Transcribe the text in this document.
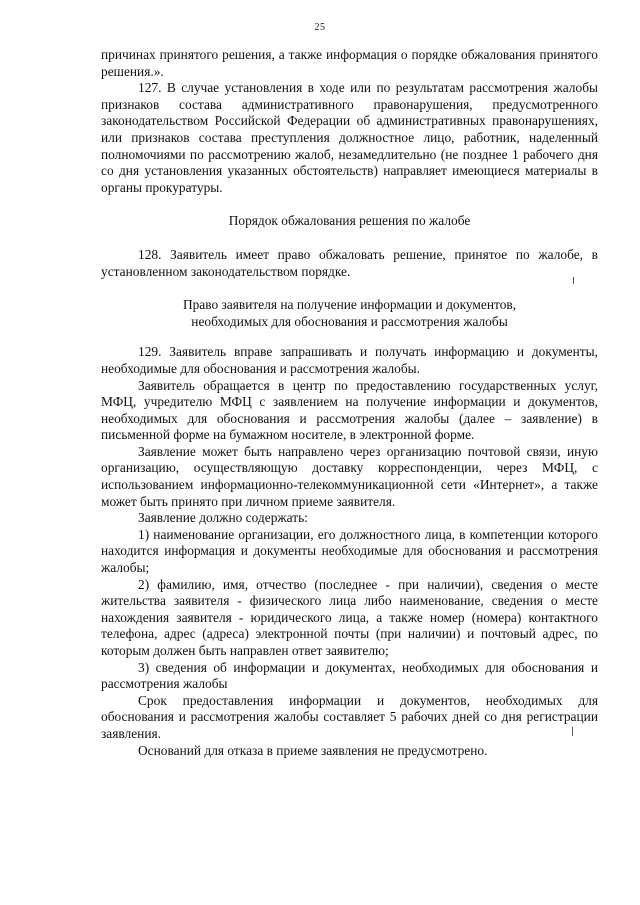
25

причинах принятого решения, а также информация о порядке обжалования принятого решения.».

127. В случае установления в ходе или по результатам рассмотрения жалобы признаков состава административного правонарушения, предусмотренного законодательством Российской Федерации об административных правонарушениях, или признаков состава преступления должностное лицо, работник, наделенный полномочиями по рассмотрению жалоб, незамедлительно (не позднее 1 рабочего дня со дня установления указанных обстоятельств) направляет имеющиеся материалы в органы прокуратуры.

Порядок обжалования решения по жалобе

128. Заявитель имеет право обжаловать решение, принятое по жалобе, в установленном законодательством порядке.

Право заявителя на получение информации и документов,

необходимых для обоснования и рассмотрения жалобы

129. Заявитель вправе запрашивать и получать информацию и документы, необходимые для обоснования и рассмотрения жалобы.

Заявитель обращается в центр по предоставлению государственных услуг, МФЦ, учредителю МФЦ с заявлением на получение информации и документов, необходимых для обоснования и рассмотрения жалобы (далее – заявление) в письменной форме на бумажном носителе, в электронной форме.

Заявление может быть направлено через организацию почтовой связи, иную организацию, осуществляющую доставку корреспонденции, через МФЦ, с использованием информационно-телекоммуникационной сети «Интернет», а также может быть принято при личном приеме заявителя.

Заявление должно содержать:

1) наименование организации, его должностного лица, в компетенции которого находится информация и документы необходимые для обоснования и рассмотрения жалобы;

2) фамилию, имя, отчество (последнее - при наличии), сведения о месте жительства заявителя - физического лица либо наименование, сведения о месте нахождения заявителя - юридического лица, а также номер (номера) контактного телефона, адрес (адреса) электронной почты (при наличии) и почтовый адрес, по которым должен быть направлен ответ заявителю;

3) сведения об информации и документах, необходимых для обоснования и рассмотрения жалобы

Срок предоставления информации и документов, необходимых для обоснования и рассмотрения жалобы составляет 5 рабочих дней со дня регистрации заявления.

Оснований для отказа в приеме заявления не предусмотрено.
